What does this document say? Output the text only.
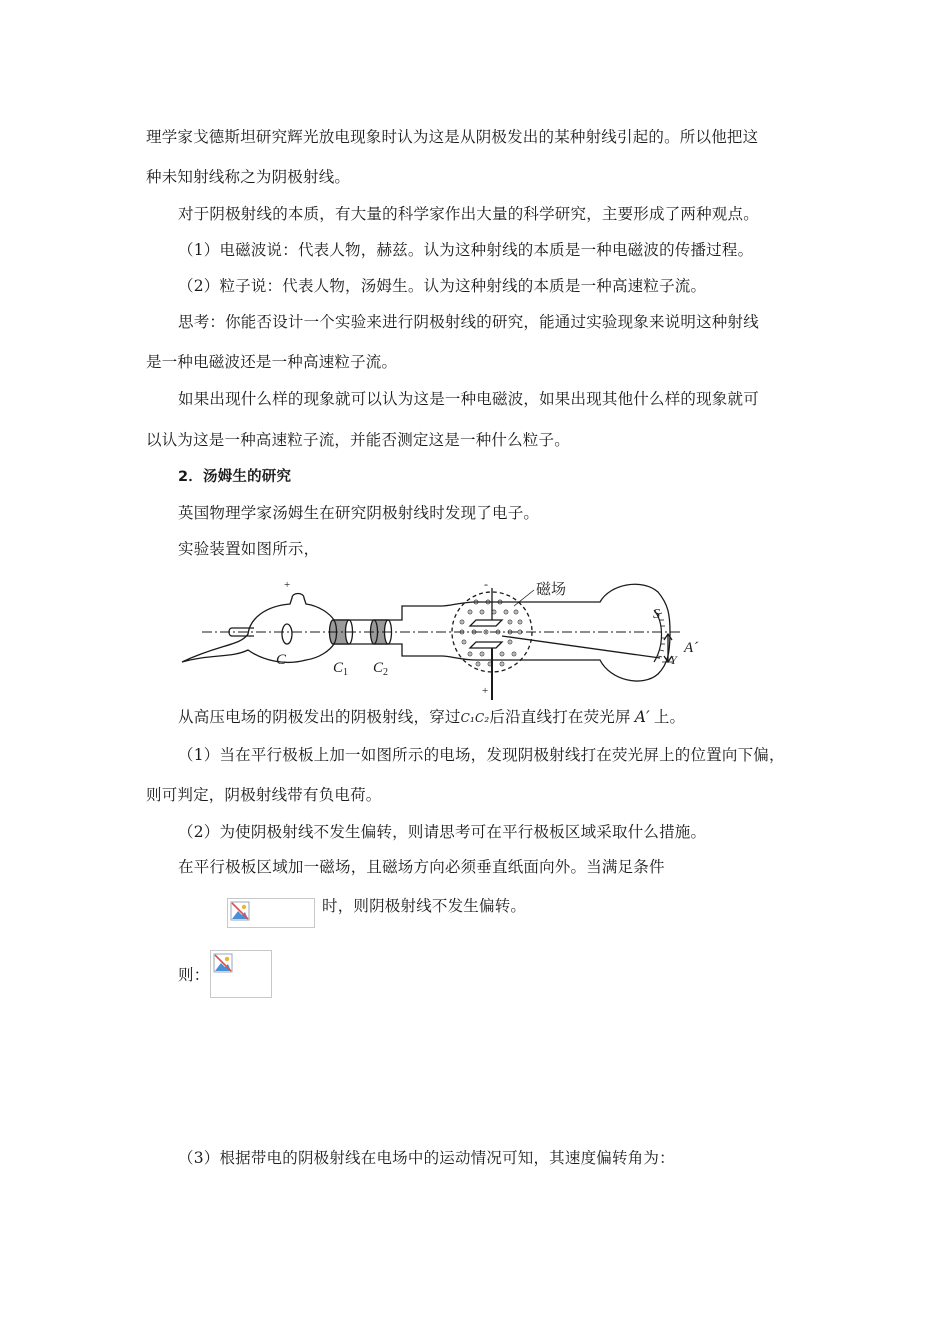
理学家戈德斯坦研究辉光放电现象时认为这是从阴极发出的某种射线引起的。所以他把这
种未知射线称之为阴极射线。
对于阴极射线的本质，有大量的科学家作出大量的科学研究，主要形成了两种观点。
（1）电磁波说：代表人物，赫兹。认为这种射线的本质是一种电磁波的传播过程。
（2）粒子说：代表人物，汤姆生。认为这种射线的本质是一种高速粒子流。
思考：你能否设计一个实验来进行阴极射线的研究，能通过实验现象来说明这种射线
是一种电磁波还是一种高速粒子流。
如果出现什么样的现象就可以认为这是一种电磁波，如果出现其他什么样的现象就可
以认为这是一种高速粒子流，并能否测定这是一种什么粒子。
2．汤姆生的研究
英国物理学家汤姆生在研究阴极射线时发现了电子。
实验装置如图所示，
磁场
+	-
+
C	$C_1$ $C_2$
S
A´
Y
从高压电场的阴极发出的阴极射线，穿过C₁C₂后沿直线打在荧光屏 A′ 上。
（1）当在平行极板上加一如图所示的电场，发现阴极射线打在荧光屏上的位置向下偏，
则可判定，阴极射线带有负电荷。
（2）为使阴极射线不发生偏转，则请思考可在平行极板区域采取什么措施。
在平行极板区域加一磁场，且磁场方向必须垂直纸面向外。当满足条件
时，则阴极射线不发生偏转。
则：
（3）根据带电的阴极射线在电场中的运动情况可知，其速度偏转角为：
